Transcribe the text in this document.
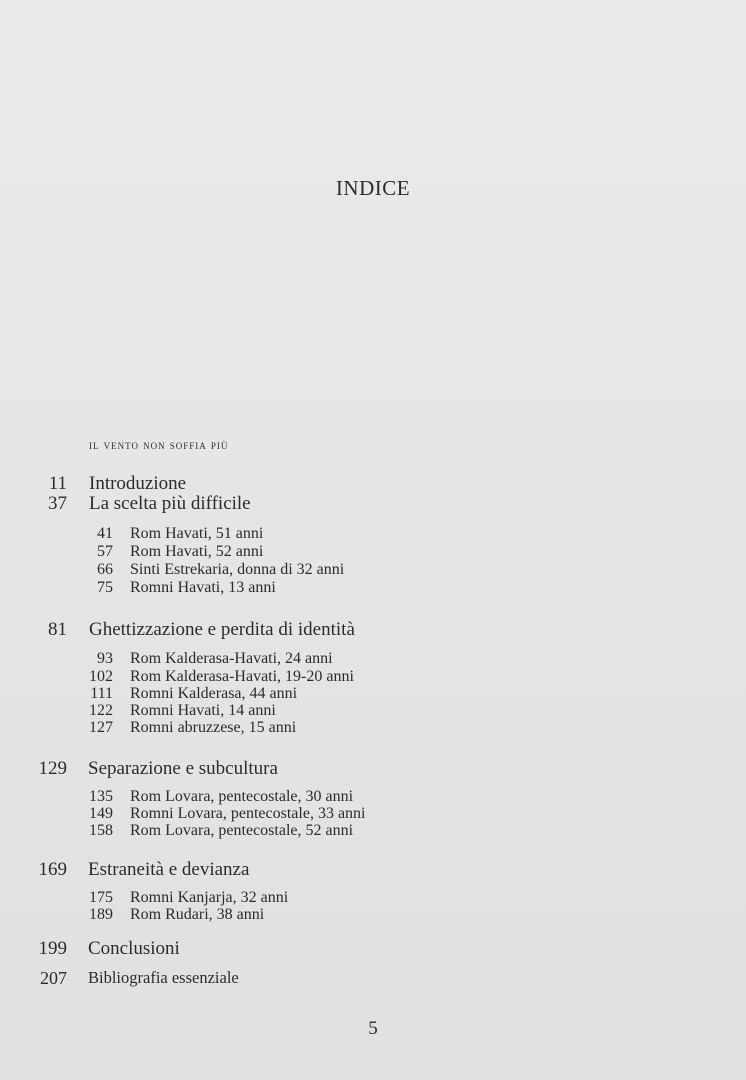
INDICE
il vento non soffia più
11 Introduzione
37 La scelta più difficile
41 Rom Havati, 51 anni
57 Rom Havati, 52 anni
66 Sinti Estrekaria, donna di 32 anni
75 Romni Havati, 13 anni
81 Ghettizzazione e perdita di identità
93 Rom Kalderasa-Havati, 24 anni
102 Rom Kalderasa-Havati, 19-20 anni
111 Romni Kalderasa, 44 anni
122 Romni Havati, 14 anni
127 Romni abruzzese, 15 anni
129 Separazione e subcultura
135 Rom Lovara, pentecostale, 30 anni
149 Romni Lovara, pentecostale, 33 anni
158 Rom Lovara, pentecostale, 52 anni
169 Estraneità e devianza
175 Romni Kanjarja, 32 anni
189 Rom Rudari, 38 anni
199 Conclusioni
207 Bibliografia essenziale
5
